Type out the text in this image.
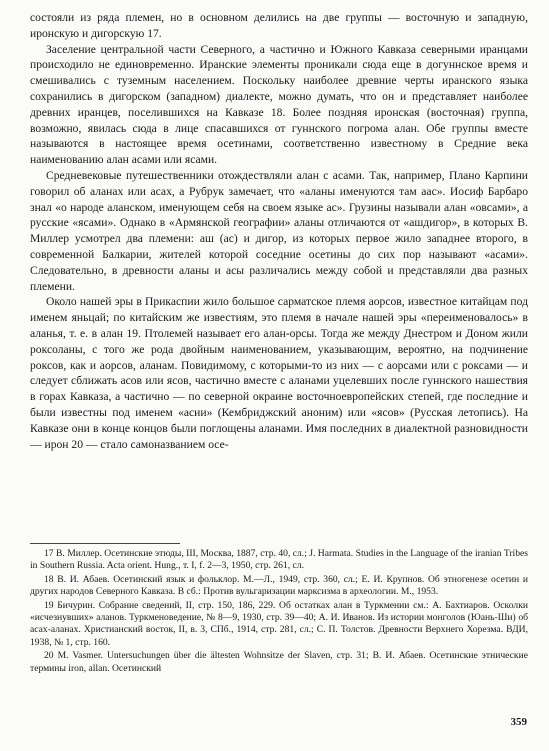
состояли из ряда племен, но в основном делились на две группы — восточную и западную, иронскую и дигорскую 17.

Заселение центральной части Северного, а частично и Южного Кавказа северными иранцами происходило не единовременно. Иранские элементы проникали сюда еще в догуннское время и смешивались с туземным населением. Поскольку наиболее древние черты иранского языка сохранились в дигорском (западном) диалекте, можно думать, что он и представляет наиболее древних иранцев, поселившихся на Кавказе 18. Более поздняя иронская (восточная) группа, возможно, явилась сюда в лице спасавшихся от гуннского погрома алан. Обе группы вместе называются в настоящее время осетинами, соответственно известному в Средние века наименованию алан асами или ясами.

Средневековые путешественники отождествляли алан с асами. Так, например, Плано Карпини говорил об аланах или асах, а Рубрук замечает, что «аланы именуются там аас». Иосиф Барбаро знал «о народе аланском, именующем себя на своем языке ас». Грузины называли алан «овсами», а русские «ясами». Однако в «Армянской географии» аланы отличаются от «ашдигор», в которых В. Миллер усмотрел два племени: аш (ас) и дигор, из которых первое жило западнее второго, в современной Балкарии, жителей которой соседние осетины до сих пор называют «асами». Следовательно, в древности аланы и асы различались между собой и представляли два разных племени.

Около нашей эры в Прикаспии жило большое сарматское племя аорсов, известное китайцам под именем яньцай; по китайским же известиям, это племя в начале нашей эры «переименовалось» в аланья, т. е. в алан 19. Птолемей называет его алан-орсы. Тогда же между Днестром и Доном жили роксоланы, с того же рода двойным наименованием, указывающим, вероятно, на подчинение роксов, как и аорсов, аланам. Повидимому, с которыми-то из них — с аорсами или с роксами — и следует сближать асов или ясов, частично вместе с аланами уцелевших после гуннского нашествия в горах Кавказа, а частично — по северной окраине восточноевропейских степей, где последние и были известны под именем «асии» (Кембриджский аноним) или «ясов» (Русская летопись). На Кавказе они в конце концов были поглощены аланами. Имя последних в диалектной разновидности — ирон 20 — стало самоназванием осе-

17 В. Миллер. Осетинские этюды, III, Москва, 1887, стр. 40, сл.; J. Harmata. Studies in the Language of the iranian Tribes in Southern Russia. Acta orient. Hung., т. I, f. 2—3, 1950, стр. 261, сл.

18 В. И. Абаев. Осетинский язык и фольклор. М.—Л., 1949, стр. 360, сл.; Е. И. Крупнов. Об этногенезе осетин и других народов Северного Кавказа. В сб.: Против вульгаризации марксизма в археологии. М., 1953.

19 Бичурин. Собрание сведений, II, стр. 150, 186, 229. Об остатках алан в Туркмении см.: А. Бахтиаров. Осколки «исчезнувших» аланов. Туркменоведение, № 8—9, 1930, стр. 39—40; А. И. Иванов. Из истории монголов (Юань-Ши) об асах-аланах. Христианский восток, II, в. 3, СПб., 1914, стр. 281, сл.; С. П. Толстов. Древности Верхнего Хорезма. ВДИ, 1938, № 1, стр. 160.

20 M. Vasmer. Untersuchungen über die ältesten Wohnsitze der Slaven, стр. 31; В. И. Абаев. Осетинские этнические термины iron, allan. Осетинский

359
